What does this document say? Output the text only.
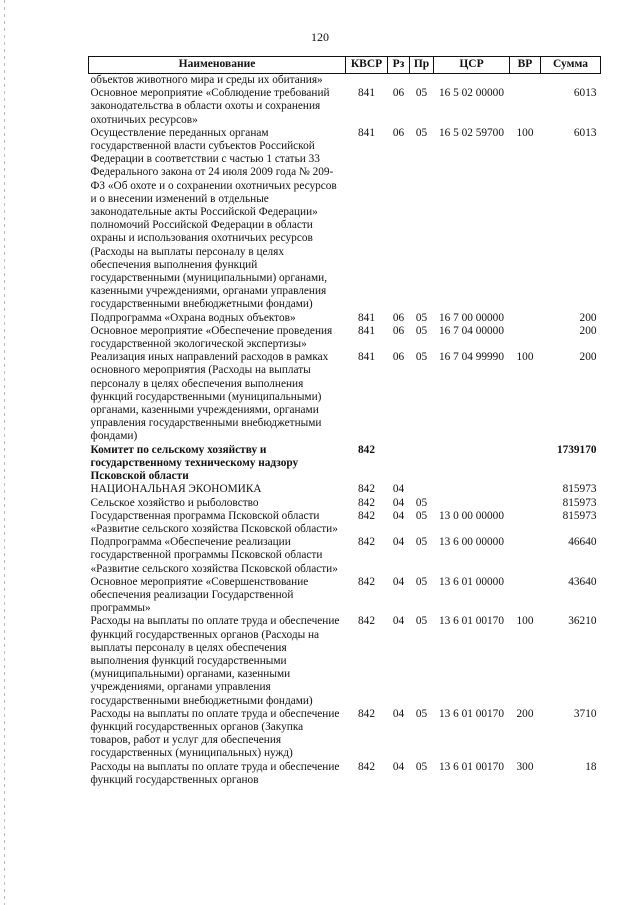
120
Наименование	КВСР	Рз	Пр	ЦСР	ВР	Сумма
объектов животного мира и среды их обитания»						
Основное мероприятие «Соблюдение требований законодательства в области охоты и сохранения охотничьих ресурсов»	841	06	05	16 5 02 00000		6013
Осуществление переданных органам государственной власти субъектов Российской Федерации в соответствии с частью 1 статьи 33 Федерального закона от 24 июля 2009 года № 209-ФЗ «Об охоте и о сохранении охотничьих ресурсов и о внесении изменений в отдельные законодательные акты Российской Федерации» полномочий Российской Федерации в области охраны и использования охотничьих ресурсов (Расходы на выплаты персоналу в целях обеспечения выполнения функций государственными (муниципальными) органами, казенными учреждениями, органами управления государственными внебюджетными фондами)	841	06	05	16 5 02 59700	100	6013
Подпрограмма «Охрана водных объектов»	841	06	05	16 7 00 00000		200
Основное мероприятие «Обеспечение проведения государственной экологической экспертизы»	841	06	05	16 7 04 00000		200
Реализация иных направлений расходов в рамках основного мероприятия (Расходы на выплаты персоналу в целях обеспечения выполнения функций государственными (муниципальными) органами, казенными учреждениями, органами управления государственными внебюджетными фондами)	841	06	05	16 7 04 99990	100	200
Комитет по сельскому хозяйству и государственному техническому надзору Псковской области	842					1739170
НАЦИОНАЛЬНАЯ ЭКОНОМИКА	842	04				815973
Сельское хозяйство и рыболовство	842	04	05			815973
Государственная программа Псковской области «Развитие сельского хозяйства Псковской области»	842	04	05	13 0 00 00000		815973
Подпрограмма «Обеспечение реализации государственной программы Псковской области «Развитие сельского хозяйства Псковской области»	842	04	05	13 6 00 00000		46640
Основное мероприятие «Совершенствование обеспечения реализации Государственной программы»	842	04	05	13 6 01 00000		43640
Расходы на выплаты по оплате труда и обеспечение функций государственных органов (Расходы на выплаты персоналу в целях обеспечения выполнения функций государственными (муниципальными) органами, казенными учреждениями, органами управления государственными внебюджетными фондами)	842	04	05	13 6 01 00170	100	36210
Расходы на выплаты по оплате труда и обеспечение функций государственных органов (Закупка товаров, работ и услуг для обеспечения государственных (муниципальных) нужд)	842	04	05	13 6 01 00170	200	3710
Расходы на выплаты по оплате труда и обеспечение функций государственных органов	842	04	05	13 6 01 00170	300	18
